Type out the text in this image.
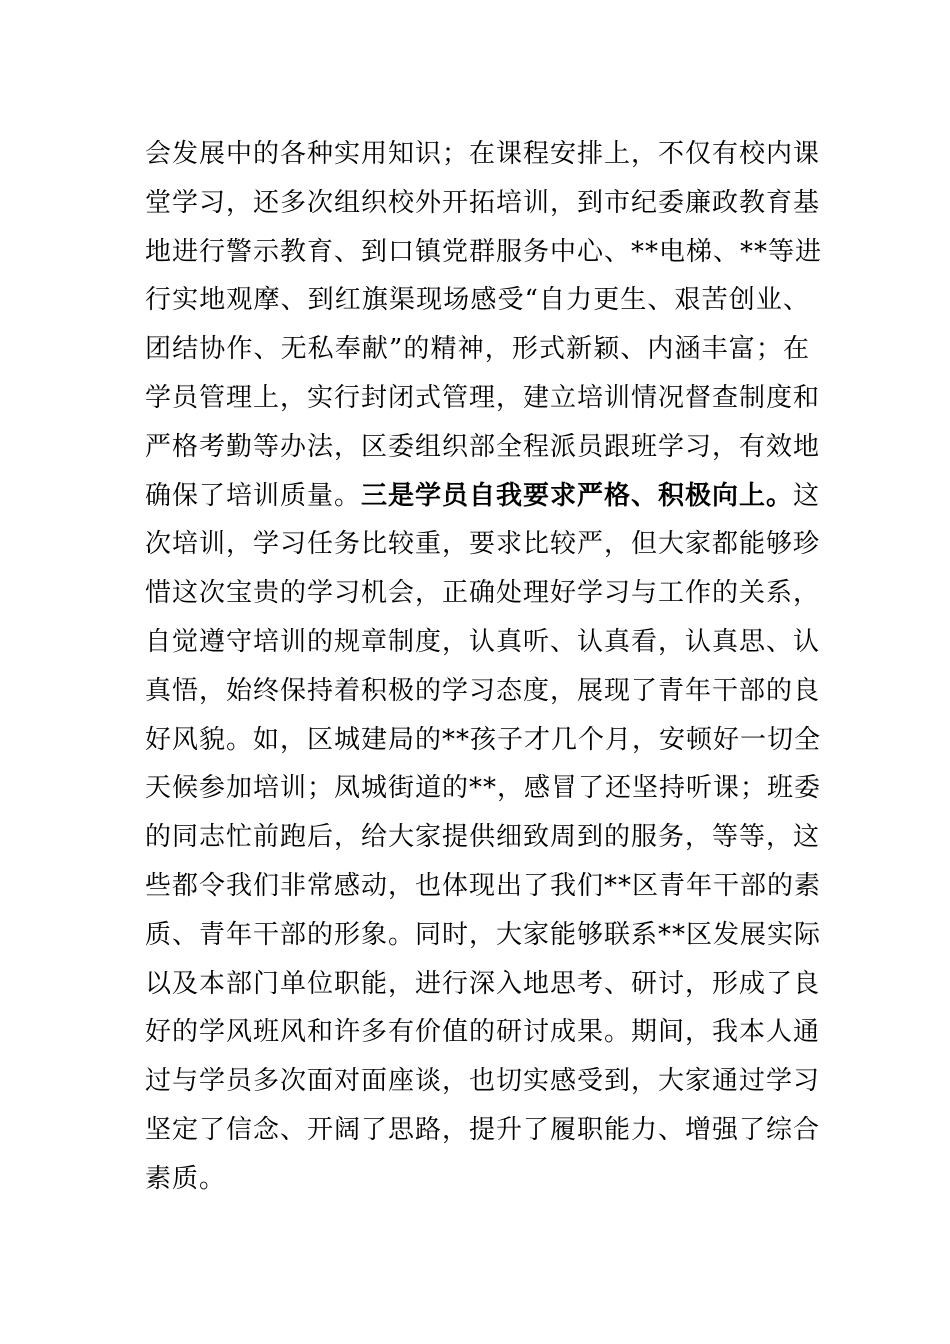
会发展中的各种实用知识；在课程安排上，不仅有校内课
堂学习，还多次组织校外开拓培训，到市纪委廉政教育基
地进行警示教育、到口镇党群服务中心、**电梯、**等进
行实地观摩、到红旗渠现场感受“自力更生、艰苦创业、
团结协作、无私奉献”的精神，形式新颖、内涵丰富；在
学员管理上，实行封闭式管理，建立培训情况督查制度和
严格考勤等办法，区委组织部全程派员跟班学习，有效地
确保了培训质量。三是学员自我要求严格、积极向上。这
次培训，学习任务比较重，要求比较严，但大家都能够珍
惜这次宝贵的学习机会，正确处理好学习与工作的关系，
自觉遵守培训的规章制度，认真听、认真看，认真思、认
真悟，始终保持着积极的学习态度，展现了青年干部的良
好风貌。如，区城建局的**孩子才几个月，安顿好一切全
天候参加培训；凤城街道的**，感冒了还坚持听课；班委
的同志忙前跑后，给大家提供细致周到的服务，等等，这
些都令我们非常感动，也体现出了我们**区青年干部的素
质、青年干部的形象。同时，大家能够联系**区发展实际
以及本部门单位职能，进行深入地思考、研讨，形成了良
好的学风班风和许多有价值的研讨成果。期间，我本人通
过与学员多次面对面座谈，也切实感受到，大家通过学习
坚定了信念、开阔了思路，提升了履职能力、增强了综合
素质。
